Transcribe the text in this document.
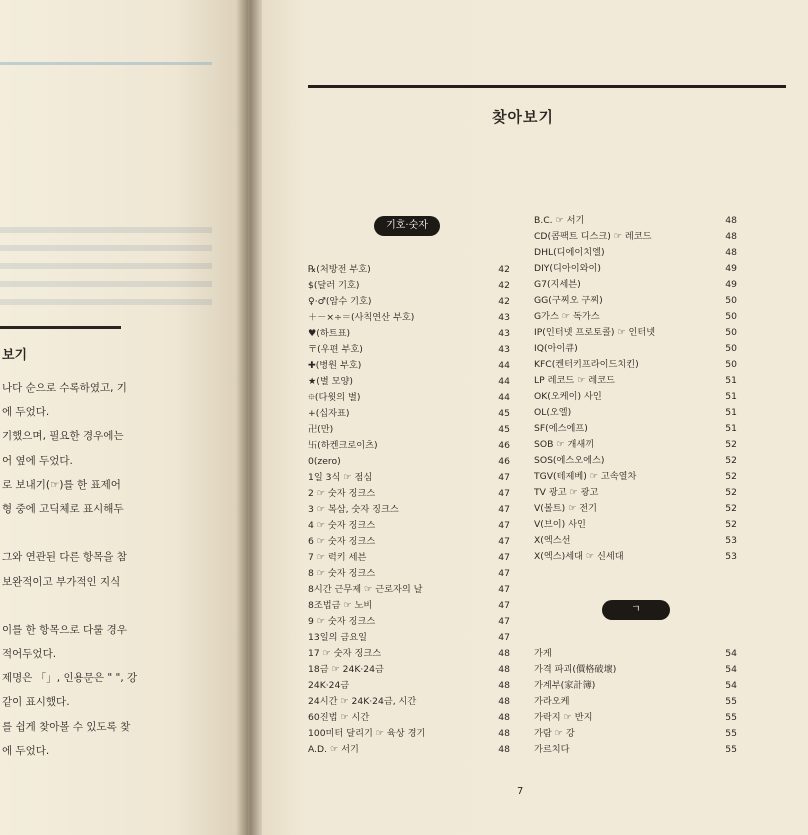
보기
나다 순으로 수록하였고, 기
에 두었다.
기했으며, 필요한 경우에는
어 옆에 두었다.
로 보내기(☞)를 한 표제어
형 중에 고딕체로 표시해두
그와 연관된 다른 항목을 참
보완적이고 부가적인 지식
이를 한 항목으로 다룰 경우
적어두었다.
제명은 「」, 인용문은 " ", 강
같이 표시했다.
를 쉽게 찾아볼 수 있도록 찾
에 두었다.
찾아보기
기호·숫자
℞(처방전 부호)	42
$(달러 기호)	42
♀·♂(암수 기호)	42
＋－×÷＝(사칙연산 부호)	43
♥(하트표)	43
〒(우편 부호)	43
✚(병원 부호)	44
★(별 모양)	44
⯐(다윗의 별)	44
+(십자표)	45
卍(만)	45
卐(하켄크로이츠)	46
0(zero)	46
1일 3식 ☞ 점심	47
2 ☞ 숫자 징크스	47
3 ☞ 복삼, 숫자 징크스	47
4 ☞ 숫자 징크스	47
6 ☞ 숫자 징크스	47
7 ☞ 럭키 세븐	47
8 ☞ 숫자 징크스	47
8시간 근무제 ☞ 근로자의 날	47
8조법금 ☞ 노비	47
9 ☞ 숫자 징크스	47
13일의 금요일	47
17 ☞ 숫자 징크스	48
18금 ☞ 24K·24금	48
24K·24금	48
24시간 ☞ 24K·24금, 시간	48
60진법 ☞ 시간	48
100미터 달리기 ☞ 육상 경기	48
A.D. ☞ 서기	48
B.C. ☞ 서기	48
CD(콤팩트 디스크) ☞ 레코드	48
DHL(디에이치엘)	48
DIY(디아이와이)	49
G7(지세븐)	49
GG(구찌오 구찌)	50
G가스 ☞ 독가스	50
IP(인터넷 프로토콜) ☞ 인터넷	50
IQ(아이큐)	50
KFC(켄터키프라이드치킨)	50
LP 레코드 ☞ 레코드	51
OK(오케이) 사인	51
OL(오엘)	51
SF(에스에프)	51
SOB ☞ 개새끼	52
SOS(에스오에스)	52
TGV(테제베) ☞ 고속열차	52
TV 광고 ☞ 광고	52
V(볼트) ☞ 전기	52
V(브이) 사인	52
X(엑스선	53
X(엑스)세대 ☞ 신세대	53
ㄱ
가게	54
가격 파괴(價格破壞)	54
가계부(家計簿)	54
가라오케	55
가락지 ☞ 반지	55
가람 ☞ 강	55
가르치다	55
7
